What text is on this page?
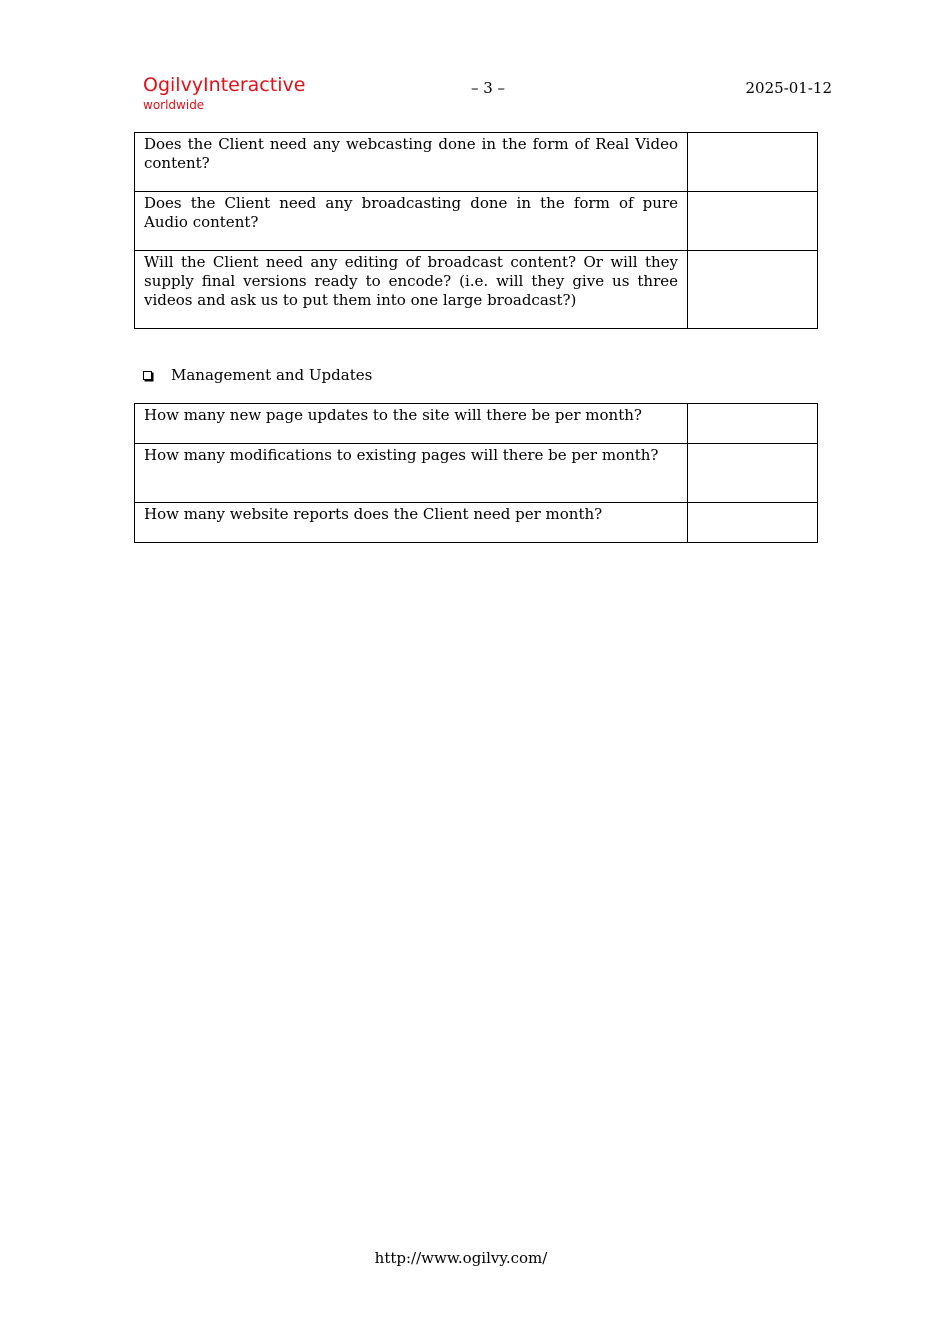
OgilvyInteractive
worldwide
– 3 –	2025-01-12
Does the Client need any webcasting done in the form of Real Video content?	
Does the Client need any broadcasting done in the form of pure Audio content?	
Will the Client need any editing of broadcast content? Or will they supply final versions ready to encode? (i.e. will they give us three videos and ask us to put them into one large broadcast?)	
Management and Updates
How many new page updates to the site will there be per month?	
How many modifications to existing pages will there be per month?	
How many website reports does the Client need per month?	
http://www.ogilvy.com/
